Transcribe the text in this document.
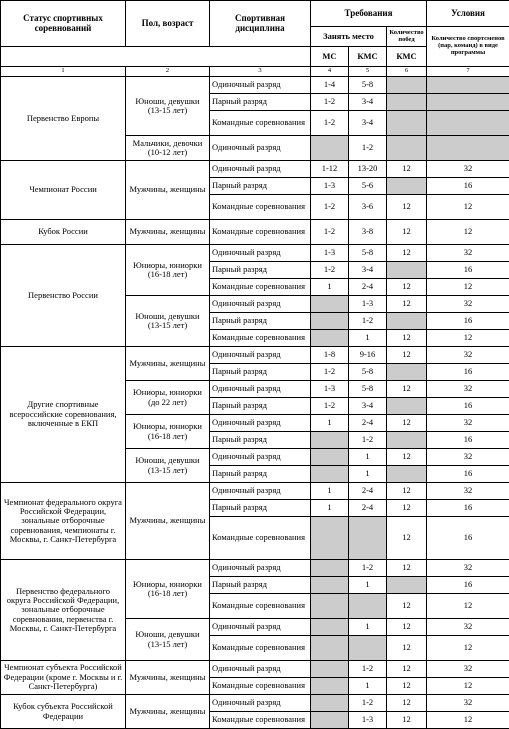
Статус спортивных соревнований	Пол, возраст	Спортивная дисциплина	Требования			Условия
			Занять место		Количество побед	Количество спортсменов (пар, команд) в виде программы
			МС	КМС	КМС	
1	2	3	4	5	6	7
Первенство Европы	Юноши, девушки (13-15 лет)	Одиночный разряд	1-4	5-8		
		Парный разряд	1-2	3-4		
		Командные соревнования	1-2	3-4		
	Мальчики, девочки (10-12 лет)	Одиночный разряд		1-2		
Чемпионат России	Мужчины, женщины	Одиночный разряд	1-12	13-20	12	32
		Парный разряд	1-3	5-6		16
		Командные соревнования	1-2	3-6	12	12
Кубок России	Мужчины, женщины	Командные соревнования	1-2	3-8	12	12
Первенство России	Юниоры, юниорки (16-18 лет)	Одиночный разряд	1-3	5-8	12	32
		Парный разряд	1-2	3-4		16
		Командные соревнования	1	2-4	12	12
	Юноши, девушки (13-15 лет)	Одиночный разряд		1-3	12	32
		Парный разряд		1-2		16
		Командные соревнования		1	12	12
Другие спортивные всероссийские соревнования, включенные в ЕКП	Мужчины, женщины	Одиночный разряд	1-8	9-16	12	32
		Парный разряд	1-2	5-8		16
	Юниоры, юниорки (до 22 лет)	Одиночный разряд	1-3	5-8	12	32
		Парный разряд	1-2	3-4		16
	Юниоры, юниорки (16-18 лет)	Одиночный разряд	1	2-4	12	32
		Парный разряд		1-2		16
	Юноши, девушки (13-15 лет)	Одиночный разряд		1	12	32
		Парный разряд		1		16
Чемпионат федерального округа Российской Федерации, зональные отборочные соревнования, чемпионаты г. Москвы, г. Санкт-Петербурга	Мужчины, женщины	Одиночный разряд	1	2-4	12	32
		Парный разряд	1	2-4	12	16
		Командные соревнования			12	16
Первенство федерального округа Российской Федерации, зональные отборочные соревнования, первенства г. Москвы, г. Санкт-Петербурга	Юниоры, юниорки (16-18 лет)	Одиночный разряд		1-2	12	32
		Парный разряд		1		16
		Командные соревнования			12	12
	Юноши, девушки (13-15 лет)	Одиночный разряд		1	12	32
		Командные соревнования			12	12
Чемпионат субъекта Российской Федерации (кроме г. Москвы и г. Санкт-Петербурга)	Мужчины, женщины	Одиночный разряд		1-2	12	32
		Командные соревнования		1	12	12
Кубок субъекта Российской Федерации	Мужчины, женщины	Одиночный разряд		1-2	12	32
		Командные соревнования		1-3	12	12
